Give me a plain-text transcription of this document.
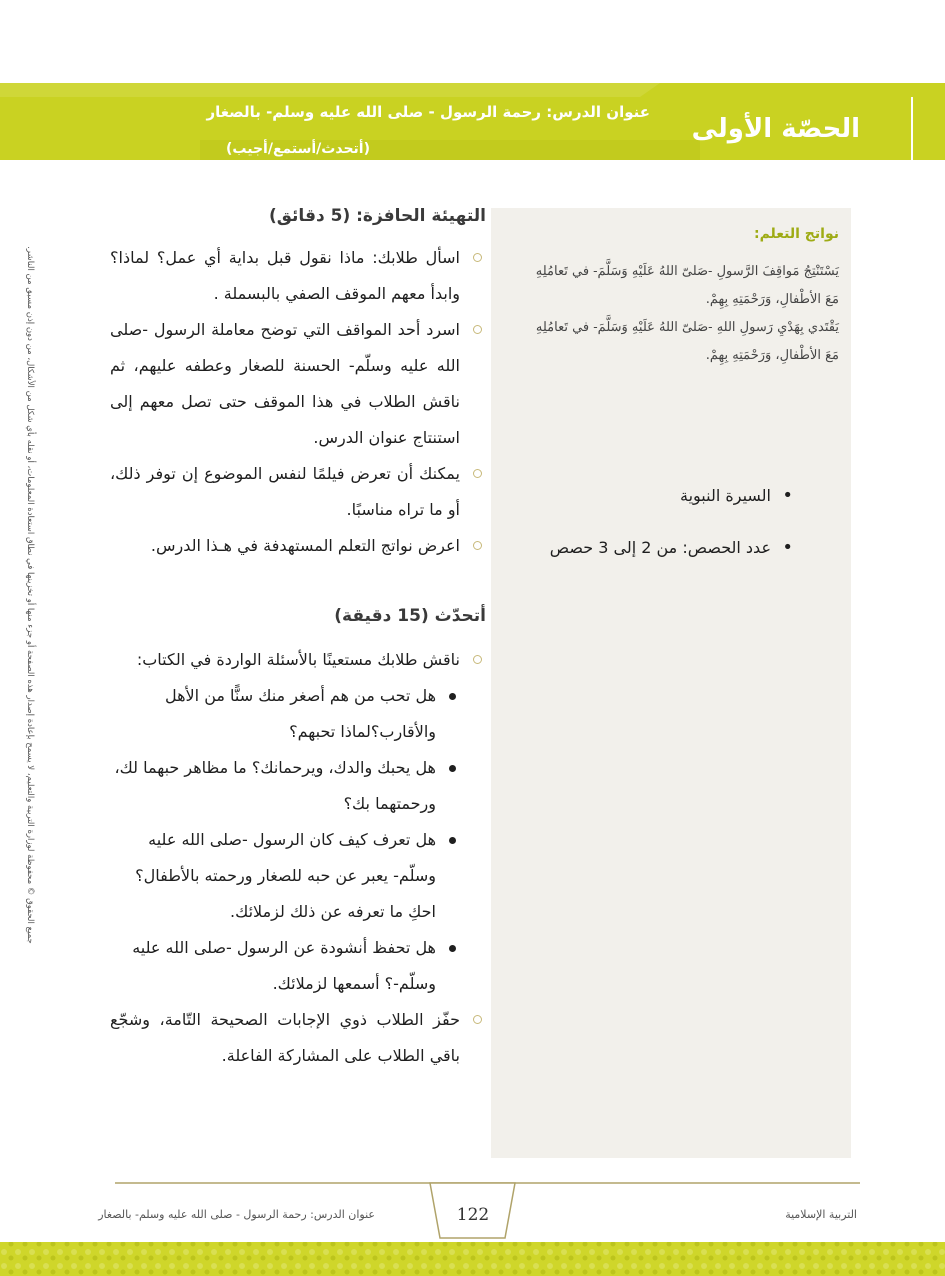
عنوان الدرس: رحمة الرسول - صلى الله عليه وسلم- بالصغار
(أتحدث/أستمع/أجيب)
الحصّة الأولى
جميع الحقوق © محفوظة لوزارة التربية والتعليم، لا يسمح بإعادة إصدار هذه الصفحة أو جزء منها أو تخزينها في نطاق استعادة المعلومات، أو نقله بأي شكل من الأشكال، من دون إذن مسبق من الناشر.
نواتج التعلم:
يَسْتَنْتِجُ مَواقِفَ الرَّسولِ -صَلىّ اللهُ عَلَيْهِ وَسَلَّمَ- في تَعامُلِهِ مَعَ الأطْفالِ، وَرَحْمَتِهِ بِهِمْ.
يَقْتَدي بِهَدْيِ رَسولِ اللهِ -صَلىّ اللهُ عَلَيْهِ وَسَلَّمَ- في تَعامُلِهِ مَعَ الأطْفالِ، وَرَحْمَتِهِ بِهِمْ.
• السيرة النبوية
• عدد الحصص: من 2 إلى 3 حصص
التهيئة الحافزة: (5 دقائق)
اسأل طلابك: ماذا نقول قبل بداية أي عمل؟ لماذا؟ وابدأ معهم الموقف الصفي بالبسملة .
اسرد أحد المواقف التي توضح معاملة الرسول -صلى الله عليه وسلّم- الحسنة للصغار وعطفه عليهم، ثم ناقش الطلاب في هذا الموقف حتى تصل معهم إلى استنتاج عنوان الدرس.
يمكنك أن تعرض فيلمًا لنفس الموضوع إن توفر ذلك، أو ما تراه مناسبًا.
اعرض نواتج التعلم المستهدفة في هـذا الدرس.
أتحدّث (15 دقيقة)
ناقش طلابك مستعينًا بالأسئلة الواردة في الكتاب:
هل تحب من هم أصغر منك سنًّا من الأهل والأقارب؟لماذا تحبهم؟
هل يحبك والدك، ويرحمانك؟ ما مظاهر حبهما لك، ورحمتهما بك؟
هل تعرف كيف كان الرسول -صلى الله عليه وسلّم- يعبر عن حبه للصغار ورحمته بالأطفال؟ احكِ ما تعرفه عن ذلك لزملائك.
هل تحفظ أنشودة عن الرسول -صلى الله عليه وسلّم-؟ أسمعها لزملائك.
حفّز الطلاب ذوي الإجابات الصحيحة التّامة، وشجّع باقي الطلاب على المشاركة الفاعلة.
عنوان الدرس: رحمة الرسول - صلى الله عليه وسلم- بالصغار	122	التربية الإسلامية
